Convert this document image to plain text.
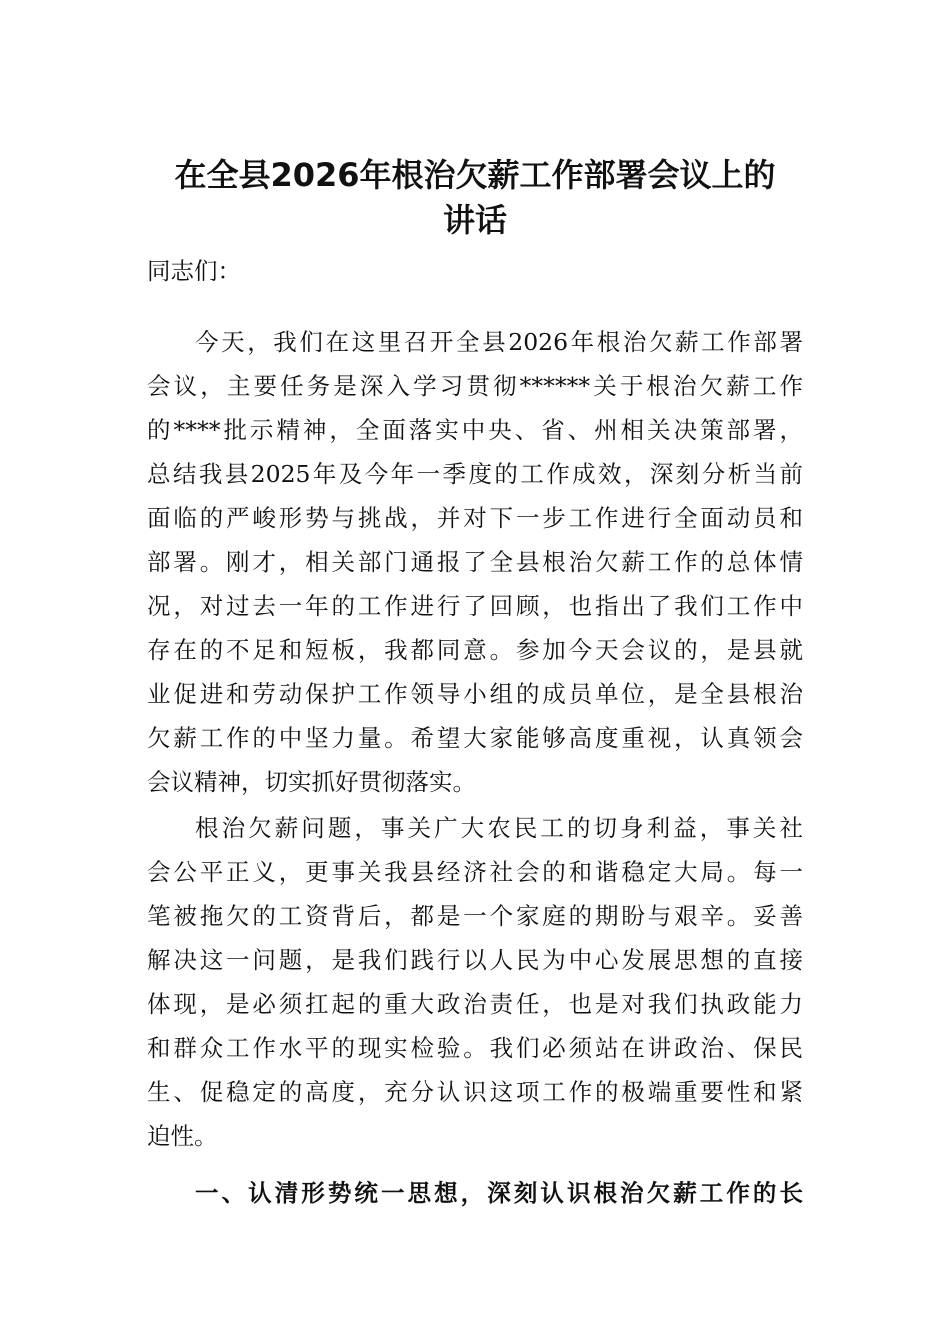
在全县2026年根治欠薪工作部署会议上的
讲话

同志们：

今天，我们在这里召开全县2026年根治欠薪工作部署

会议，主要任务是深入学习贯彻******关于根治欠薪工作

的****批示精神，全面落实中央、省、州相关决策部署，

总结我县2025年及今年一季度的工作成效，深刻分析当前

面临的严峻形势与挑战，并对下一步工作进行全面动员和

部署。刚才，相关部门通报了全县根治欠薪工作的总体情

况，对过去一年的工作进行了回顾，也指出了我们工作中

存在的不足和短板，我都同意。参加今天会议的，是县就

业促进和劳动保护工作领导小组的成员单位，是全县根治

欠薪工作的中坚力量。希望大家能够高度重视，认真领会

会议精神，切实抓好贯彻落实。

根治欠薪问题，事关广大农民工的切身利益，事关社

会公平正义，更事关我县经济社会的和谐稳定大局。每一

笔被拖欠的工资背后，都是一个家庭的期盼与艰辛。妥善

解决这一问题，是我们践行以人民为中心发展思想的直接

体现，是必须扛起的重大政治责任，也是对我们执政能力

和群众工作水平的现实检验。我们必须站在讲政治、保民

生、促稳定的高度，充分认识这项工作的极端重要性和紧

迫性。

一、认清形势统一思想，深刻认识根治欠薪工作的长
